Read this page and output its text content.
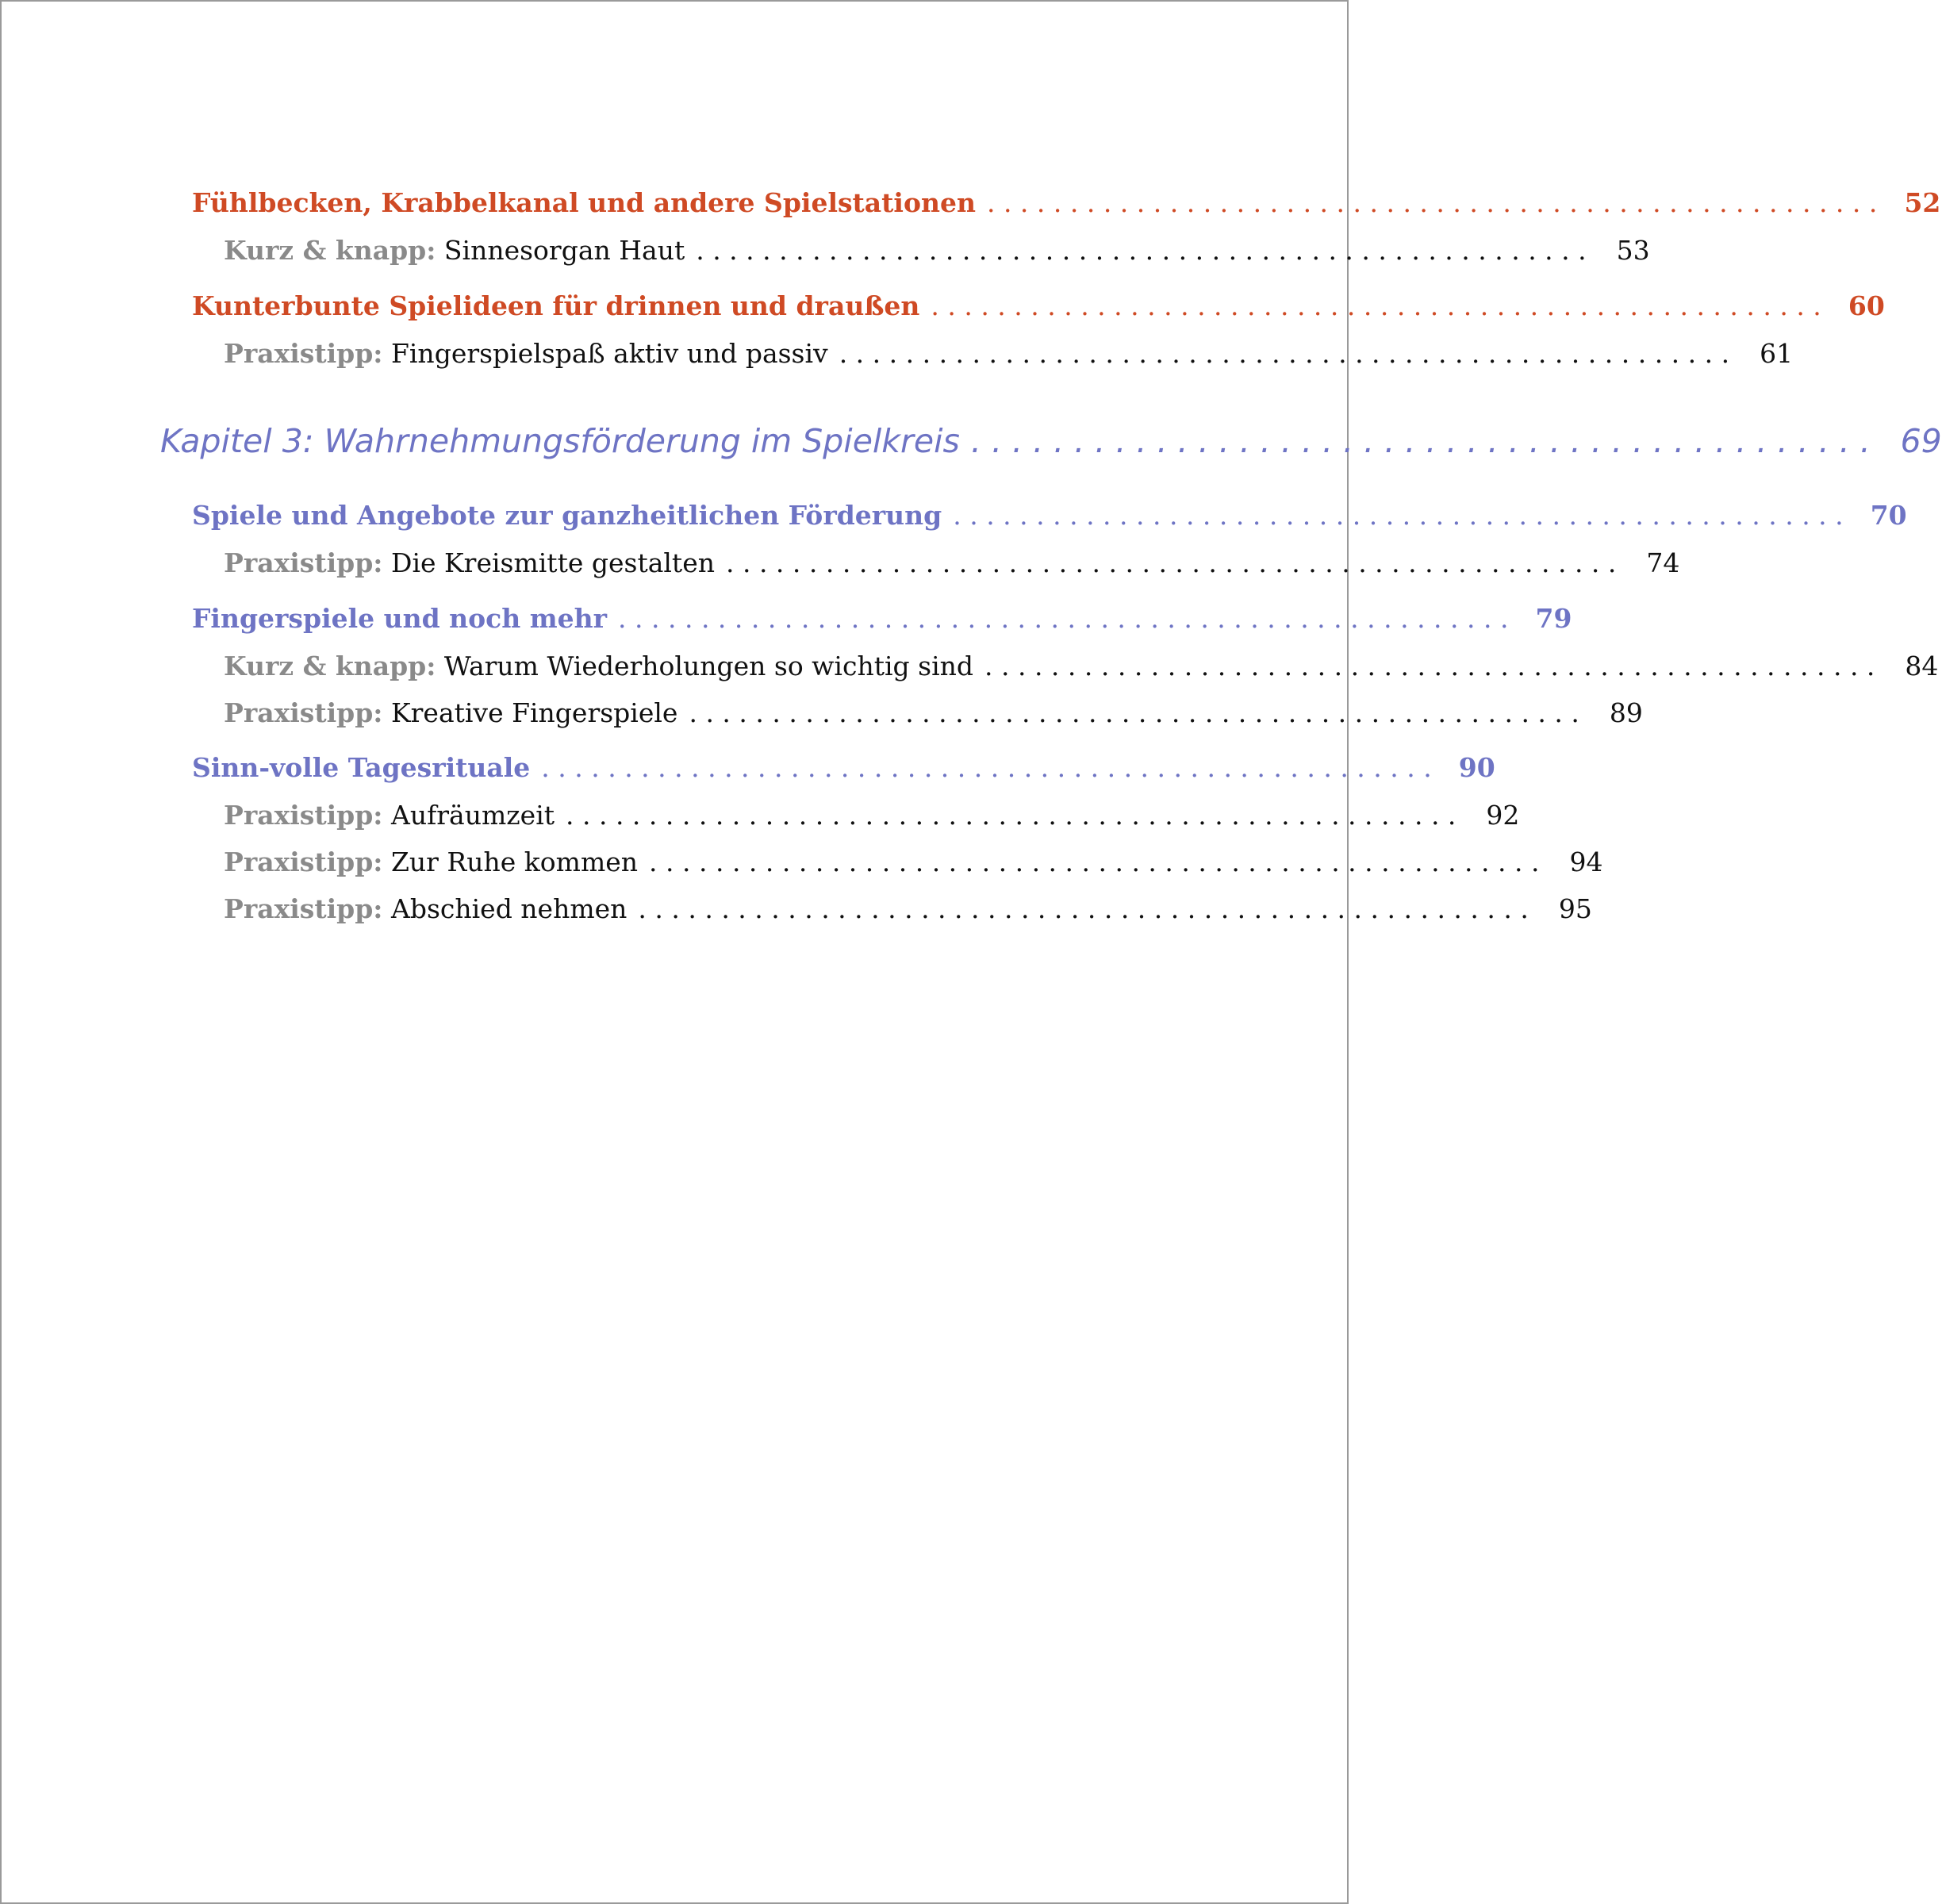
Fühlbecken, Krabbelkanal und andere Spielstationen . . . . . . . . . . . . . . . . . . . . . . . . . . . . . . . . . . . . . . . . . . . . . . . . . . . . . .	52
Kurz & knapp: Sinnesorgan Haut . . . . . . . . . . . . . . . . . . . . . . . . . . . . . . . . . . . . . . . . . . . . . . . . . . . . . .	53
Kunterbunte Spielideen für drinnen und draußen . . . . . . . . . . . . . . . . . . . . . . . . . . . . . . . . . . . . . . . . . . . . . . . . . . . . . .	60
Praxistipp: Fingerspielspaß aktiv und passiv . . . . . . . . . . . . . . . . . . . . . . . . . . . . . . . . . . . . . . . . . . . . . . . . . . . . . .	61
Kapitel 3: Wahrnehmungsförderung im Spielkreis . . . . . . . . . . . . . . . . . . . . . . . . . . . . . . . . . . . . . . . . . . . . 69
Spiele und Angebote zur ganzheitlichen Förderung . . . . . . . . . . . . . . . . . . . . . . . . . . . . . . . . . . . . . . . . . . . . . . . . . . . . . .	70
Praxistipp: Die Kreismitte gestalten . . . . . . . . . . . . . . . . . . . . . . . . . . . . . . . . . . . . . . . . . . . . . . . . . . . . . .	74
Fingerspiele und noch mehr . . . . . . . . . . . . . . . . . . . . . . . . . . . . . . . . . . . . . . . . . . . . . . . . . . . . . .	79
Kurz & knapp: Warum Wiederholungen so wichtig sind . . . . . . . . . . . . . . . . . . . . . . . . . . . . . . . . . . . . . . . . . . . . . . . . . . . . . .	84
Praxistipp: Kreative Fingerspiele . . . . . . . . . . . . . . . . . . . . . . . . . . . . . . . . . . . . . . . . . . . . . . . . . . . . . .	89
Sinn-volle Tagesrituale . . . . . . . . . . . . . . . . . . . . . . . . . . . . . . . . . . . . . . . . . . . . . . . . . . . . . .	90
Praxistipp: Aufräumzeit . . . . . . . . . . . . . . . . . . . . . . . . . . . . . . . . . . . . . . . . . . . . . . . . . . . . . .	92
Praxistipp: Zur Ruhe kommen . . . . . . . . . . . . . . . . . . . . . . . . . . . . . . . . . . . . . . . . . . . . . . . . . . . . . .	94
Praxistipp: Abschied nehmen . . . . . . . . . . . . . . . . . . . . . . . . . . . . . . . . . . . . . . . . . . . . . . . . . . . . . .	95
